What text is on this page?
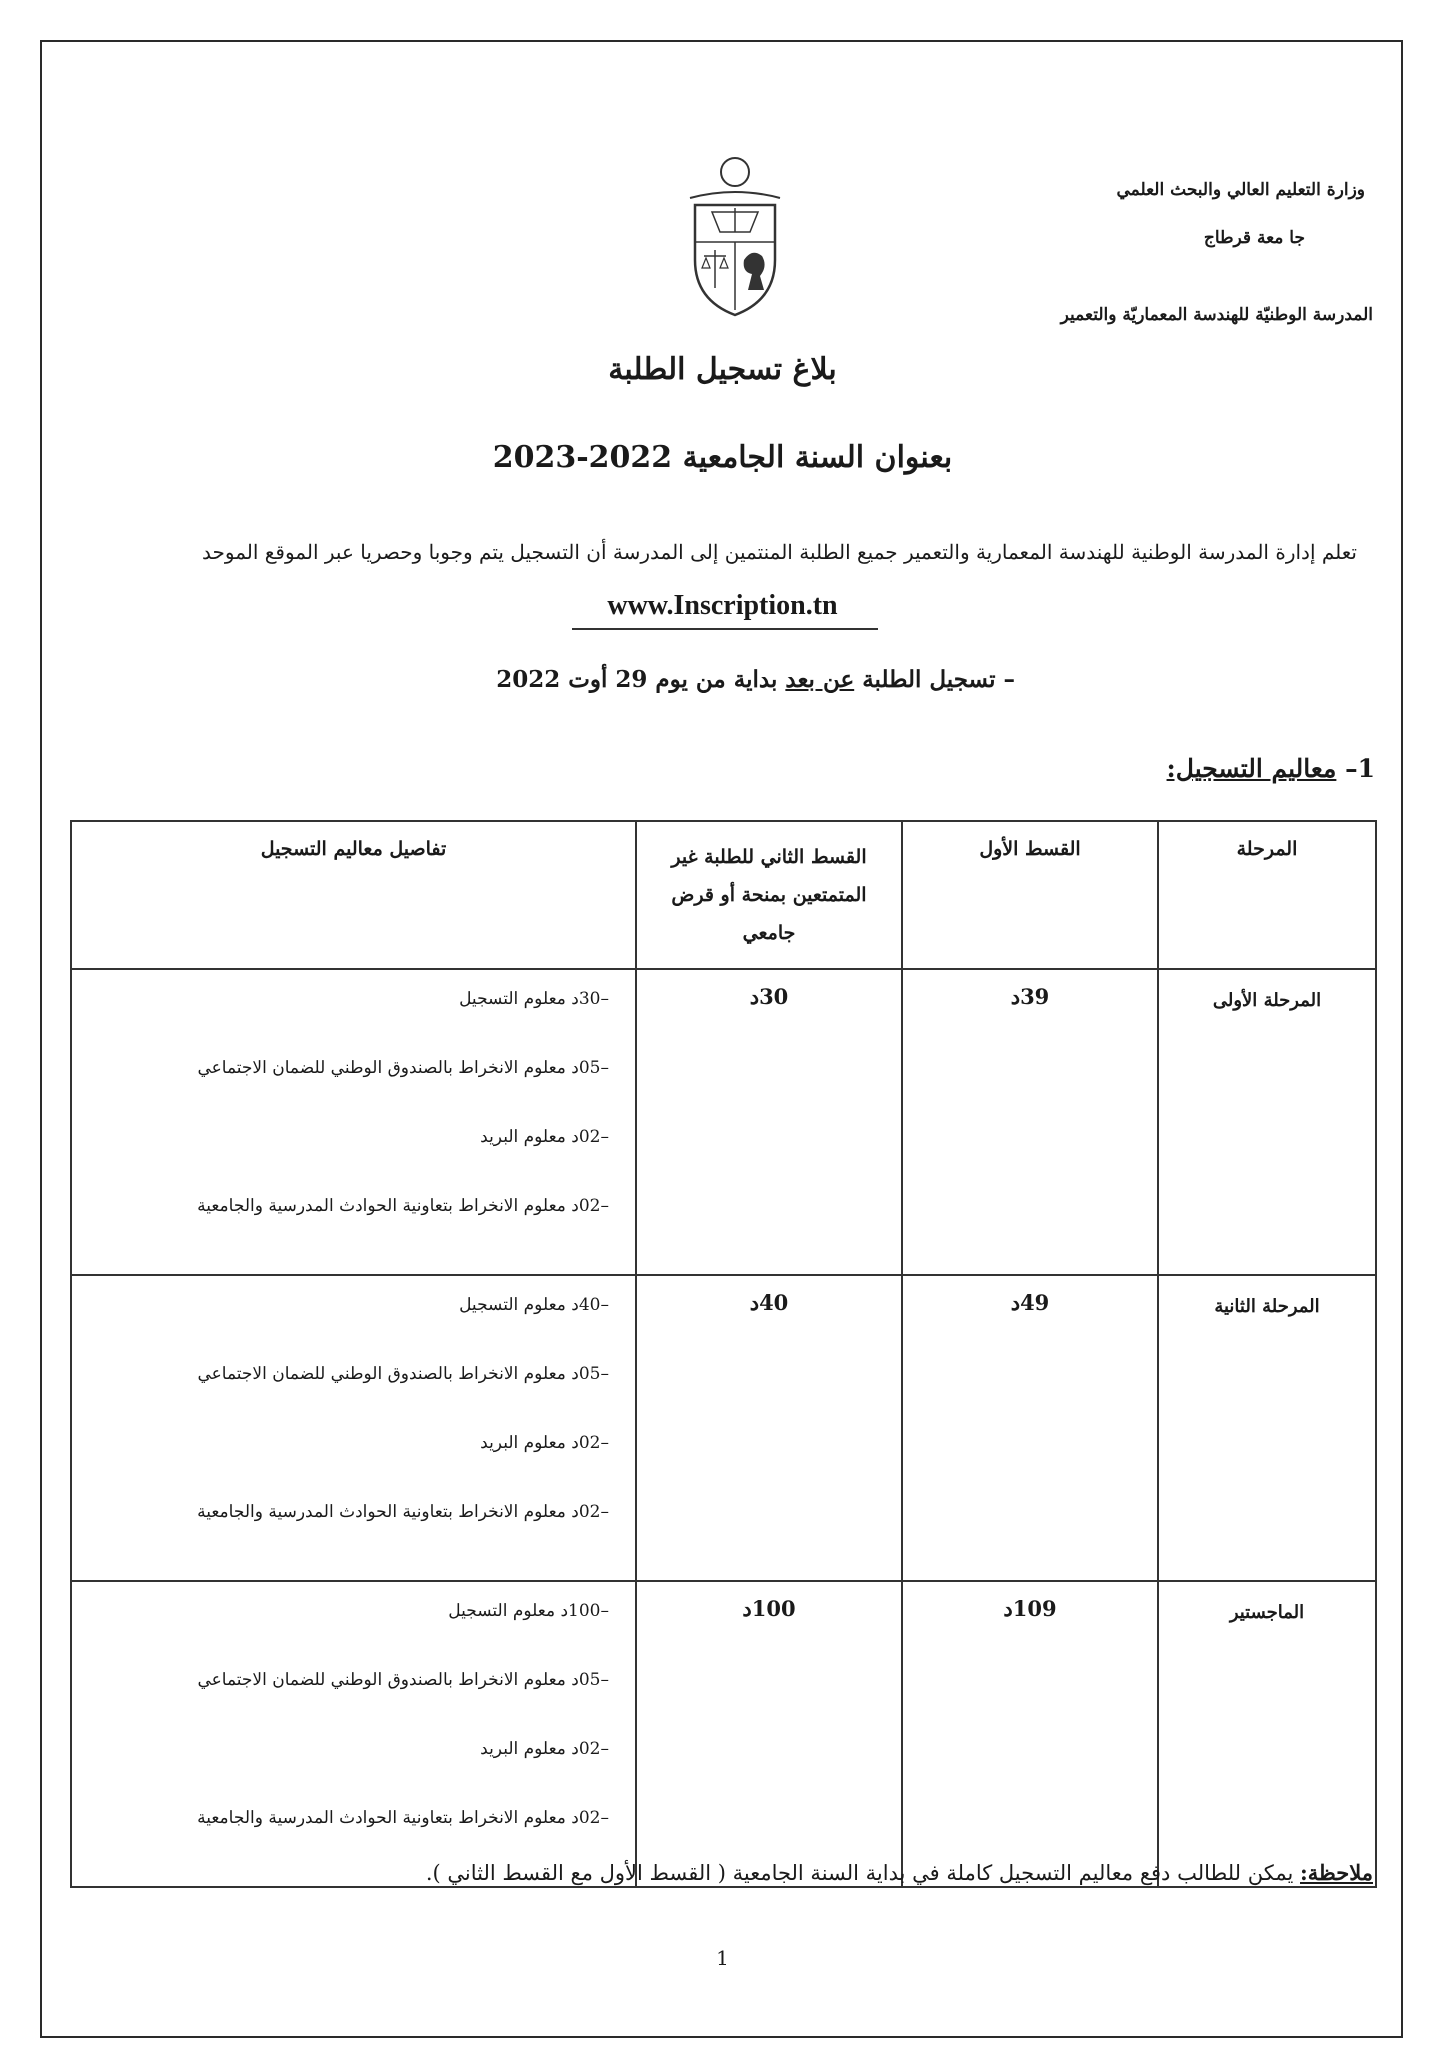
وزارة التعليم العالي والبحث العلمي
جا معة قرطاج
المدرسة الوطنيّة للهندسة المعماريّة والتعمير
بلاغ تسجيل الطلبة
بعنوان السنة الجامعية 2022-2023
تعلم إدارة المدرسة الوطنية للهندسة المعمارية والتعمير جميع الطلبة المنتمين إلى المدرسة أن التسجيل يتم وجوبا وحصريا عبر الموقع الموحد
www.Inscription.tn
– تسجيل الطلبة عن بعد بداية من يوم 29 أوت 2022
1– معاليم التسجيل:
المرحلة	القسط الأول	القسط الثاني للطلبة غير المتمتعين بمنحة أو قرض جامعي	تفاصيل معاليم التسجيل

المرحلة الأولى	39د	30د	–30د معلوم التسجيل
–05د معلوم الانخراط بالصندوق الوطني للضمان الاجتماعي
–02د معلوم البريد
–02د معلوم الانخراط بتعاونية الحوادث المدرسية والجامعية

المرحلة الثانية	49د	40د	–40د معلوم التسجيل
–05د معلوم الانخراط بالصندوق الوطني للضمان الاجتماعي
–02د معلوم البريد
–02د معلوم الانخراط بتعاونية الحوادث المدرسية والجامعية

الماجستير	109د	100د	–100د معلوم التسجيل
–05د معلوم الانخراط بالصندوق الوطني للضمان الاجتماعي
–02د معلوم البريد
–02د معلوم الانخراط بتعاونية الحوادث المدرسية والجامعية
ملاحظة: يمكن للطالب دفع معاليم التسجيل كاملة في بداية السنة الجامعية ( القسط الأول مع القسط الثاني ).
1
